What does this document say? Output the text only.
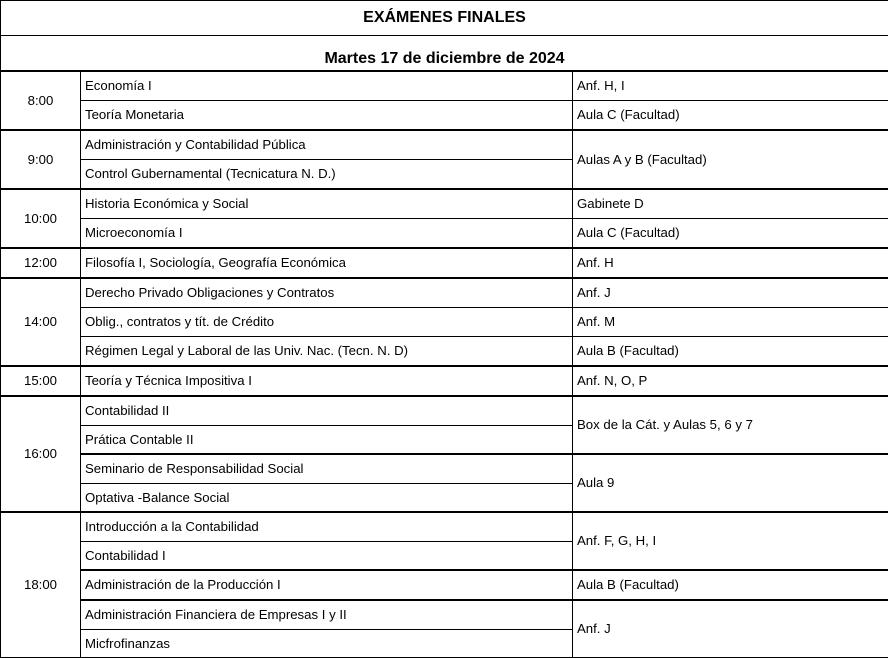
EXÁMENES FINALES		
Martes 17 de diciembre de 2024		
8:00	Economía I	Anf. H, I
	Teoría Monetaria	Aula C (Facultad)
9:00	Administración y Contabilidad Pública	Aulas A y B (Facultad)
	Control Gubernamental (Tecnicatura N. D.)	
10:00	Historia Económica y Social	Gabinete D
	Microeconomía I	Aula C (Facultad)
12:00	Filosofía I, Sociología, Geografía Económica	Anf. H
14:00	Derecho Privado Obligaciones y Contratos	Anf. J
	Oblig., contratos y tít. de Crédito	Anf. M
	Régimen Legal y Laboral de las Univ. Nac. (Tecn. N. D)	Aula B (Facultad)
15:00	Teoría y Técnica Impositiva I	Anf. N, O, P
16:00	Contabilidad II	Box de la Cát. y Aulas 5, 6 y 7
	Prática Contable II	
	Seminario de Responsabilidad Social	Aula 9
	Optativa -Balance Social	
18:00	Introducción a la Contabilidad	Anf. F, G, H, I
	Contabilidad I	
	Administración de la Producción I	Aula B (Facultad)
	Administración Financiera de Empresas I y II	Anf. J
	Micfrofinanzas	
